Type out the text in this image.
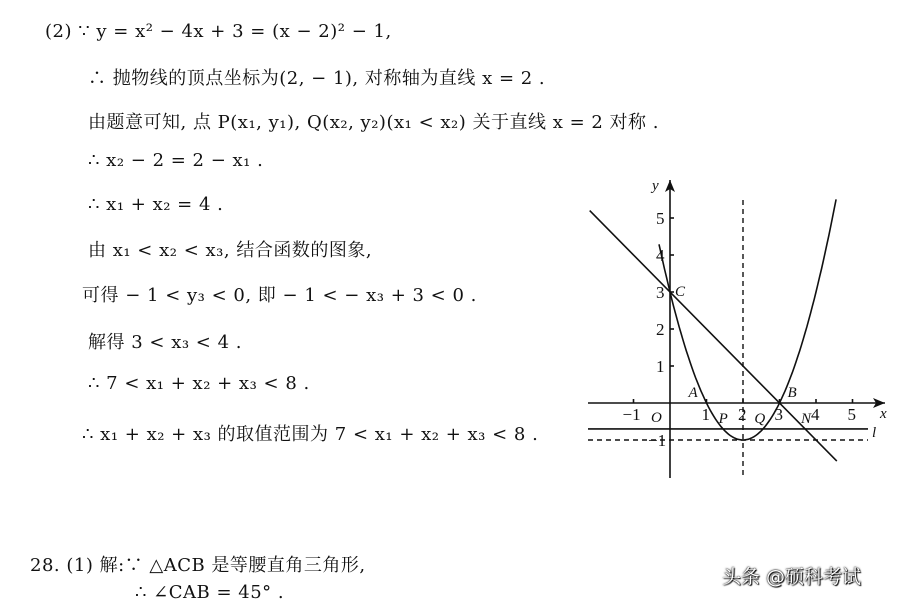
(2) ∵ y = x² − 4x + 3 = (x − 2)² − 1,
∴ 抛物线的顶点坐标为(2, − 1), 对称轴为直线 x = 2 .
由题意可知, 点 P(x₁, y₁), Q(x₂, y₂)(x₁ < x₂) 关于直线 x = 2 对称 .
∴ x₂ − 2 = 2 − x₁ .
∴ x₁ + x₂ = 4 .
由 x₁ < x₂ < x₃, 结合函数的图象,
可得 − 1 < y₃ < 0, 即 − 1 < − x₃ + 3 < 0 .
解得 3 < x₃ < 4 .
∴ 7 < x₁ + x₂ + x₃ < 8 .
∴ x₁ + x₂ + x₃ 的取值范围为 7 < x₁ + x₂ + x₃ < 8 .
28. (1) 解:∵ △ACB 是等腰直角三角形,
∴ ∠CAB = 45° .
x
y
O
−1	1 2 3 4 5
1
2
3
4
5
−1	l
A	B
C
P Q N
头条 @硕科考试
